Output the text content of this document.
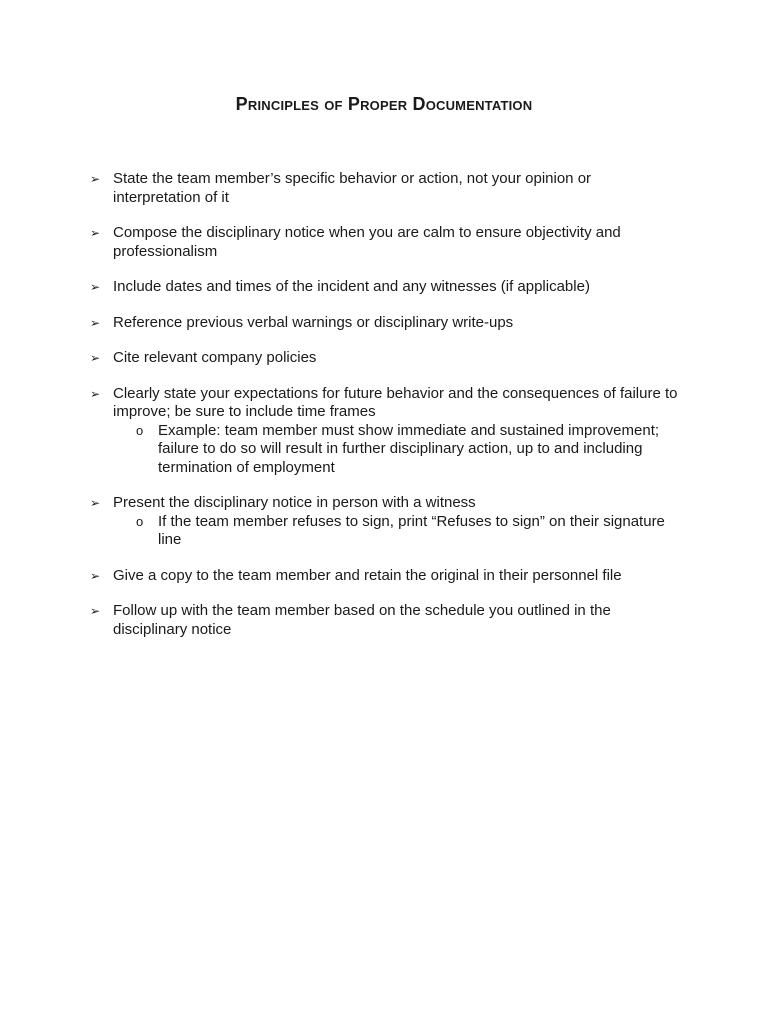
Principles of Proper Documentation
➢ State the team member’s specific behavior or action, not your opinion or interpretation of it
➢ Compose the disciplinary notice when you are calm to ensure objectivity and professionalism
➢ Include dates and times of the incident and any witnesses (if applicable)
➢ Reference previous verbal warnings or disciplinary write-ups
➢ Cite relevant company policies
➢ Clearly state your expectations for future behavior and the consequences of failure to improve; be sure to include time frames
o Example: team member must show immediate and sustained improvement; failure to do so will result in further disciplinary action, up to and including termination of employment
➢ Present the disciplinary notice in person with a witness
o If the team member refuses to sign, print “Refuses to sign” on their signature line
➢ Give a copy to the team member and retain the original in their personnel file
➢ Follow up with the team member based on the schedule you outlined in the disciplinary notice
